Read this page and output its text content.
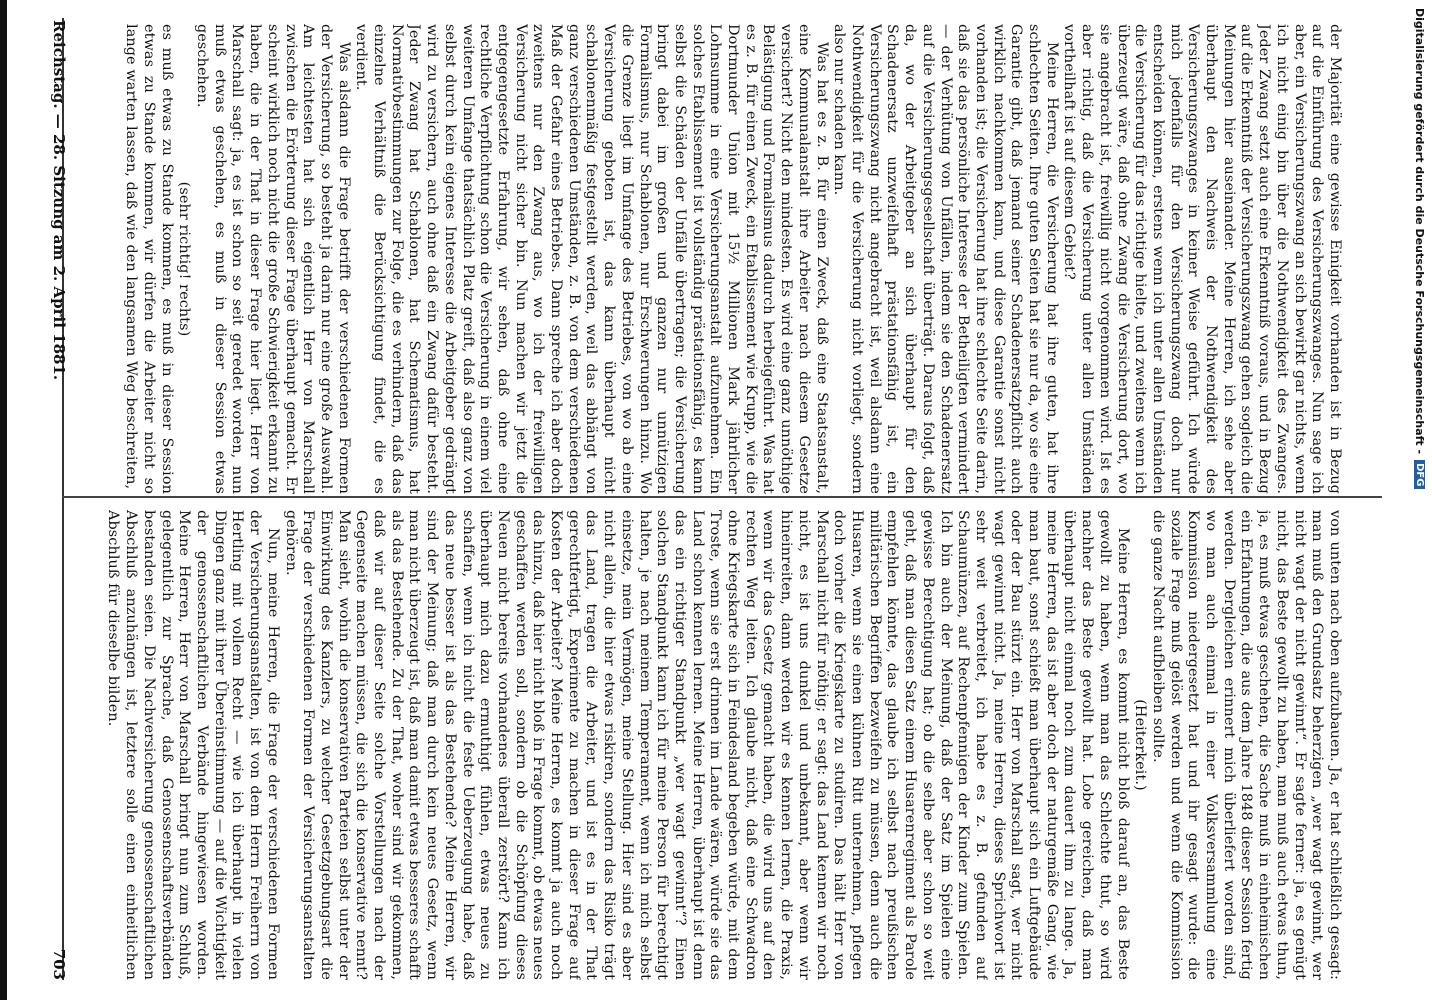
Reichstag. — 28. Sitzung am 2. April 1881.
703

der Majorität eine gewisse Einigkeit vorhanden ist in Bezug auf die Einführung des Versicherungszwanges. Nun sage ich aber, ein Versicherungszwang an sich bewirkt gar nichts, wenn ich nicht einig bin über die Nothwendigkeit des Zwanges. Jeder Zwang setzt auch eine Erkenntniß voraus, und in Bezug auf die Erkenntniß der Versicherungszwang gehen sogleich die Meinungen hier auseinander. Meine Herren, ich sehe aber überhaupt den Nachweis der Nothwendigkeit des Versicherungszwanges in keiner Weise geführt. Ich würde mich jedenfalls für den Versicherungszwang doch nur entscheiden können, erstens wenn ich unter allen Umständen die Versicherung für das richtige hielte, und zweitens wenn ich überzeugt wäre, daß ohne Zwang die Versicherung dort, wo sie angebracht ist, freiwillig nicht vorgenommen wird. Ist es aber richtig, daß die Versicherung unter allen Umständen vortheilhaft ist auf diesem Gebiet?

Meine Herren, die Versicherung hat ihre guten, hat ihre schlechten Seiten. Ihre guten Seiten hat sie nur da, wo sie eine Garantie gibt, daß jemand seiner Schadenersatzpflicht auch wirklich nachkommen kann, und diese Garantie sonst nicht vorhanden ist; die Versicherung hat ihre schlechte Seite darin, daß sie das persönliche Interesse der Betheiligten vermindert — der Verhütung von Unfällen, indem sie den Schadenersatz auf die Versicherungsgesellschaft überträgt. Daraus folgt, daß da, wo der Arbeitgeber an sich überhaupt für den Schadenersatz unzweifelhaft prästationsfähig ist, ein Versicherungszwang nicht angebracht ist, weil alsdann eine Nothwendigkeit für die Versicherung nicht vorliegt, sondern also nur schaden kann.

Was hat es z. B. für einen Zweck, daß eine Staatsanstalt, eine Kommunalanstalt ihre Arbeiter nach diesem Gesetze versichert? Nicht den mindesten. Es wird eine ganz unnöthige Belästigung und Formalismus dadurch herbeigeführt. Was hat es z. B. für einen Zweck, ein Etablissement wie Krupp, wie die Dortmunder Union mit 15½ Millionen Mark jährlicher Lohnsumme in eine Versicherungsanstalt aufzunehmen. Ein solches Etablissement ist vollständig prästationsfähig, es kann selbst die Schäden der Unfälle übertragen; die Versicherung bringt dabei im großen und ganzen nur unnützigen Formalismus, nur Schablonen, nur Erschwerungen hinzu. Wo die Grenze liegt im Umfange des Betriebes, von wo ab eine Versicherung geboten ist, das kann überhaupt nicht schablonenmäßig festgestellt werden, weil das abhängt von ganz verschiedenen Umständen, z. B. von dem verschiedenen Maß der Gefahr eines Betriebes. Dann spreche ich aber doch zweitens nur den Zwang aus, wo ich der freiwilligen Versicherung nicht sicher bin. Nun machen wir jetzt die entgegengesetzte Erfahrung, wir sehen, daß ohne eine rechtliche Verpflichtung schon die Versicherung in einem viel weiteren Umfange thatsächlich Platz greift, daß also ganz von selbst durch kein eigenes Interesse die Arbeitgeber gedrängt wird zu versichern, auch ohne daß ein Zwang dafür besteht. Jeder Zwang hat Schablonen, hat Schematismus, hat Normativbestimmungen zur Folge, die es verhindern, daß das einzelne Verhältniß die Berücksichtigung findet, die es verdient.

Was alsdann die Frage betrifft der verschiedenen Formen der Versicherung, so besteht ja darin nur eine große Auswahl. Am leichtesten hat sich eigentlich Herr von Marschall zwischen die Erörterung dieser Frage überhaupt gemacht. Er scheint wirklich noch nicht die große Schwierigkeit erkannt zu haben, die in der That in dieser Frage hier liegt. Herr von Marschall sagt: ja, es ist schon so seit geredet worden, nun muß etwas geschehen, es muß in dieser Session etwas geschehen.

(sehr richtig! rechts)

es muß etwas zu Stande kommen, es muß in dieser Session etwas zu Stande kommen, wir dürfen die Arbeiter nicht so lange warten lassen, daß wie den langsamen Weg beschreiten,

von unten nach oben aufzubauen. Ja, er hat schließlich gesagt: man muß den Grundsatz beherzigen „wer wagt gewinnt, wer nicht wagt der nicht gewinnt“. Er sagte ferner: ja, es genügt nicht, das Beste gewollt zu haben, man muß auch etwas thun, ja, es muß etwas geschehen, die Sache muß in einheimischen ein Erfahrungen, die aus dem Jahre 1848 dieser Session fertig werden. Dergleichen erinnert mich überliefert worden sind, wo man auch einmal in einer Volksversammlung eine Kommission niedergesetzt hat und ihr gesagt wurde: die soziale Frage muß gelöst werden und wenn die Kommission die ganze Nacht aufbleiben sollte.

(Heiterkeit.)

Meine Herren, es kommt nicht bloß darauf an, das Beste gewollt zu haben, wenn man das Schlechte thut, so wird nachher das Beste gewollt hat. Lobe gereichen, daß man überhaupt nicht einmal noch zum dauert ihm zu lange. Ja, meine Herren, das ist aber doch der naturgemäße Gang, wie man baut, sonst schießt man überhaupt sich ein Luftgebäude oder der Bau stürzt ein. Herr von Marschall sagt, wer nicht wagt gewinnt nicht. Ja, meine Herren, dieses Sprichwort ist sehr weit verbreitet, ich habe es z. B. gefunden auf Schaumünzen, auf Rechenpfennigen der Kinder zum Spielen. Ich bin auch der Meinung, daß der Satz im Spielen eine gewisse Berechtigung hat; ob die selbe aber schon so weit geht, daß man diesen Satz einem Husarenregiment als Parole empfehlen könnte, das glaube ich selbst nach preußischen militärischen Begriffen bezweifeln zu müssen, denn auch die Husaren, wenn sie einen kühnen Ritt unternehmen, pflegen doch vorher die Kriegskarte zu studiren. Das hält Herr von Marschall nicht für nöthig; er sagt: das Land kennen wir noch nicht, es ist uns dunkel und unbekannt, aber wenn wir hineinreiten, dann werden wir es kennen lernen, die Praxis, wenn wir das Gesetz gemacht haben, die wird uns auf den rechten Weg leiten. Ich glaube nicht, daß eine Schwadron ohne Kriegskarte sich in Feindesland begeben würde, mit dem Troste, wenn sie erst drinnen im Lande wären, würde sie das Land schon kennen lernen. Meine Herren, überhaupt ist denn das ein richtiger Standpunkt „wer wagt gewinnt“? Einen solchen Standpunkt kann ich für meine Person für berechtigt halten, je nach meinem Temperament, wenn ich mich selbst einsetze, mein Vermögen, meine Stellung. Hier sind es aber nicht allein, die hier etwas riskiren, sondern das Risiko trägt das Land, tragen die Arbeiter, und ist es in der That gerechtfertigt, Experimente zu machen in dieser Frage auf Kosten der Arbeiter? Meine Herren, es kommt ja auch noch das hinzu, daß hier nicht bloß in Frage kommt, ob etwas neues geschaffen werden soll, sondern ob die Schöpfung dieses Neuen nicht bereits vorhandenes überall zerstört? Kann ich überhaupt mich dazu ermuthigt fühlen, etwas neues zu schaffen, wenn ich nicht die feste Ueberzeugung habe, daß das neue besser ist als das Bestehende? Meine Herren, wir sind der Meinung; daß man durch kein neues Gesetz, wenn man nicht überzeugt ist, daß man damit etwas besseres schafft als das Bestehende. Zu der That, woher sind wir gekommen, daß wir auf dieser Seite solche Vorstellungen nach der Gegenseite machen müssen, die sich die konservative nennt? Man sieht, wohin die konservativen Parteien selbst unter der Einwirkung des Kanzlers, zu welcher Gesetzgebungsart die Frage der verschiedenen Formen der Versicherungsanstalten gehören.

Nun, meine Herren, die Frage der verschiedenen Formen der Versicherungsanstalten, ist von dem Herrn Freiherrn von Hertling mit vollem Recht — wie ich überhaupt in vielen Dingen ganz mit ihrer Übereinstimmung — auf die Wichtigkeit der genossenschaftlichen Verbände hingewiesen worden. Meine Herren, Herr von Marschall bringt nun zum Schluß, gelegentlich zur Sprache, daß Genossenschaftsverbänden bestanden seien. Die Nachversicherung genossenschaftlichen Abschluß anzuhängen ist, letztere solle einen einheitlichen Abschluß für dieselbe bilden.

Digitalisierung gefördert durch die Deutsche Forschungsgemeinschaft -
DFG
